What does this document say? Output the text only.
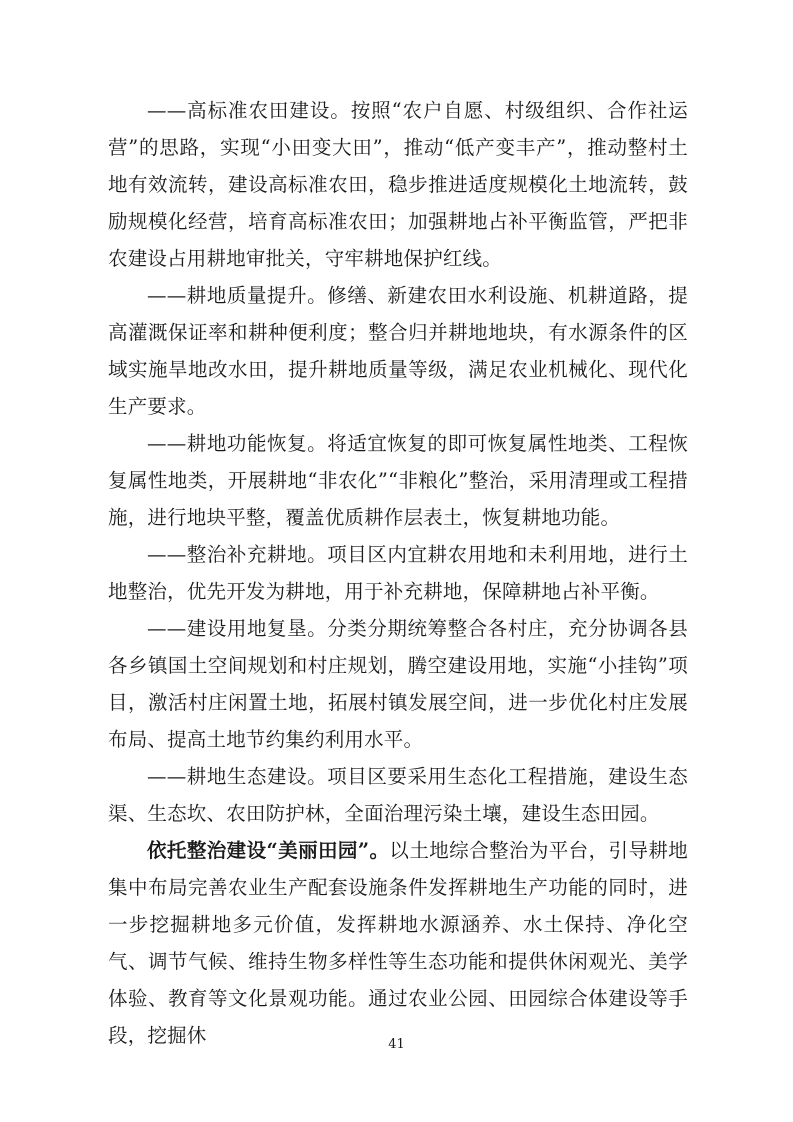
——高标准农田建设。按照“农户自愿、村级组织、合作社运营”的思路，实现“小田变大田”，推动“低产变丰产”，推动整村土地有效流转，建设高标准农田，稳步推进适度规模化土地流转，鼓励规模化经营，培育高标准农田；加强耕地占补平衡监管，严把非农建设占用耕地审批关，守牢耕地保护红线。

——耕地质量提升。修缮、新建农田水利设施、机耕道路，提高灌溉保证率和耕种便利度；整合归并耕地地块，有水源条件的区域实施旱地改水田，提升耕地质量等级，满足农业机械化、现代化生产要求。

——耕地功能恢复。将适宜恢复的即可恢复属性地类、工程恢复属性地类，开展耕地“非农化”“非粮化”整治，采用清理或工程措施，进行地块平整，覆盖优质耕作层表土，恢复耕地功能。

——整治补充耕地。项目区内宜耕农用地和未利用地，进行土地整治，优先开发为耕地，用于补充耕地，保障耕地占补平衡。

——建设用地复垦。分类分期统筹整合各村庄，充分协调各县各乡镇国土空间规划和村庄规划，腾空建设用地，实施“小挂钩”项目，激活村庄闲置土地，拓展村镇发展空间，进一步优化村庄发展布局、提高土地节约集约利用水平。

——耕地生态建设。项目区要采用生态化工程措施，建设生态渠、生态坎、农田防护林，全面治理污染土壤，建设生态田园。

依托整治建设“美丽田园”。以土地综合整治为平台，引导耕地集中布局完善农业生产配套设施条件发挥耕地生产功能的同时，进一步挖掘耕地多元价值，发挥耕地水源涵养、水土保持、净化空气、调节气候、维持生物多样性等生态功能和提供休闲观光、美学体验、教育等文化景观功能。通过农业公园、田园综合体建设等手段，挖掘休	41
